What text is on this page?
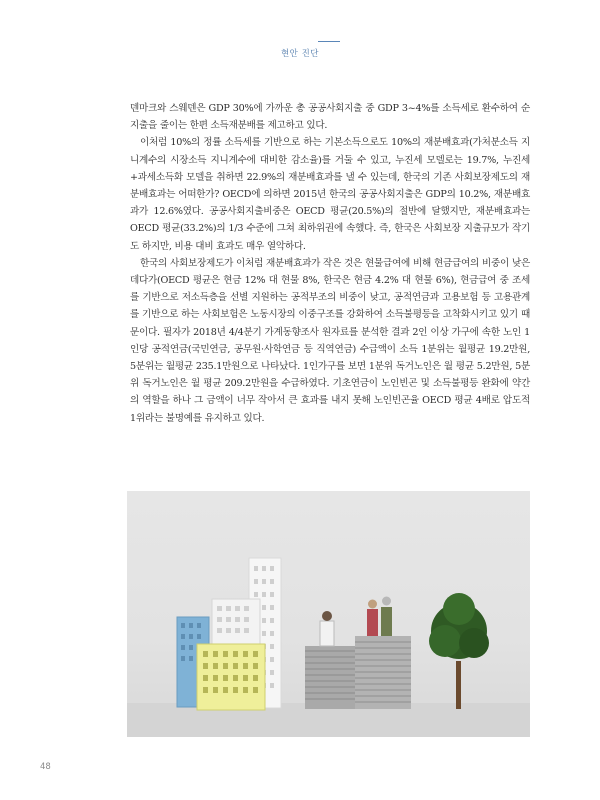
현안 진단

덴마크와 스웨덴은 GDP 30%에 가까운 총 공공사회지출 중 GDP 3~4%를 소득세로 환수하여 순지출을 줄이는 한편 소득재분배를 제고하고 있다.

이처럼 10%의 정률 소득세를 기반으로 하는 기본소득으로도 10%의 재분배효과(가처분소득 지니계수의 시장소득 지니계수에 대비한 감소율)를 거둘 수 있고, 누진세 모델로는 19.7%, 누진세+과세소득화 모델을 취하면 22.9%의 재분배효과를 낼 수 있는데, 한국의 기존 사회보장제도의 재분배효과는 어떠한가? OECD에 의하면 2015년 한국의 공공사회지출은 GDP의 10.2%, 재분배효과가 12.6%였다. 공공사회지출비중은 OECD 평균(20.5%)의 절반에 달했지만, 재분배효과는 OECD 평균(33.2%)의 1/3 수준에 그쳐 최하위권에 속했다. 즉, 한국은 사회보장 지출규모가 작기도 하지만, 비용 대비 효과도 매우 열악하다.

한국의 사회보장제도가 이처럼 재분배효과가 작은 것은 현물급여에 비해 현금급여의 비중이 낮은데다가(OECD 평균은 현금 12% 대 현물 8%, 한국은 현금 4.2% 대 현물 6%), 현금급여 중 조세를 기반으로 저소득층을 선별 지원하는 공적부조의 비중이 낮고, 공적연금과 고용보험 등 고용관계를 기반으로 하는 사회보험은 노동시장의 이중구조를 강화하여 소득불평등을 고착화시키고 있기 때문이다. 필자가 2018년 4/4분기 가계동향조사 원자료를 분석한 결과 2인 이상 가구에 속한 노인 1인당 공적연금(국민연금, 공무원·사학연금 등 직역연금) 수급액이 소득 1분위는 월평균 19.2만원, 5분위는 월평균 235.1만원으로 나타났다. 1인가구를 보면 1분위 독거노인은 월 평균 5.2만원, 5분위 독거노인은 월 평균 209.2만원을 수급하였다. 기초연금이 노인빈곤 및 소득불평등 완화에 약간의 역할을 하나 그 금액이 너무 작아서 큰 효과를 내지 못해 노인빈곤율 OECD 평균 4배로 압도적 1위라는 불명예를 유지하고 있다.

48
